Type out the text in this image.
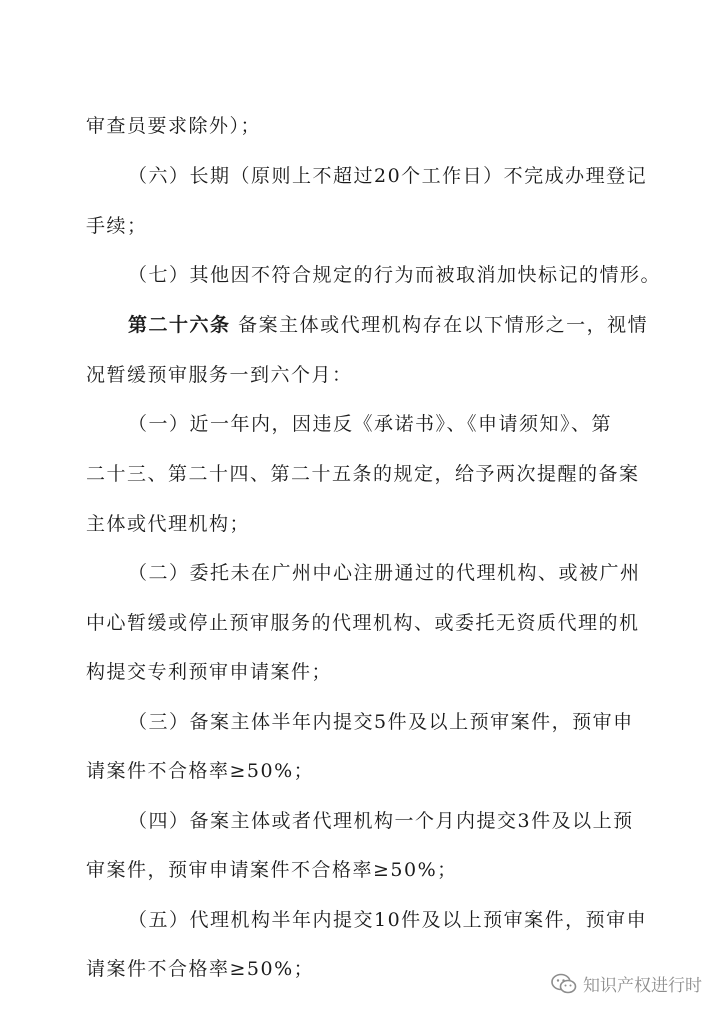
审查员要求除外）；
（六）长期（原则上不超过20个工作日）不完成办理登记
手续；
（七）其他因不符合规定的行为而被取消加快标记的情形。
第二十六条 备案主体或代理机构存在以下情形之一，视情
况暂缓预审服务一到六个月：
（一）近一年内，因违反《承诺书》、《申请须知》、第
二十三、第二十四、第二十五条的规定，给予两次提醒的备案
主体或代理机构；
（二）委托未在广州中心注册通过的代理机构、或被广州
中心暂缓或停止预审服务的代理机构、或委托无资质代理的机
构提交专利预审申请案件；
（三）备案主体半年内提交5件及以上预审案件，预审申
请案件不合格率≥50%；
（四）备案主体或者代理机构一个月内提交3件及以上预
审案件，预审申请案件不合格率≥50%；
（五）代理机构半年内提交10件及以上预审案件，预审申
请案件不合格率≥50%；
知识产权进行时
